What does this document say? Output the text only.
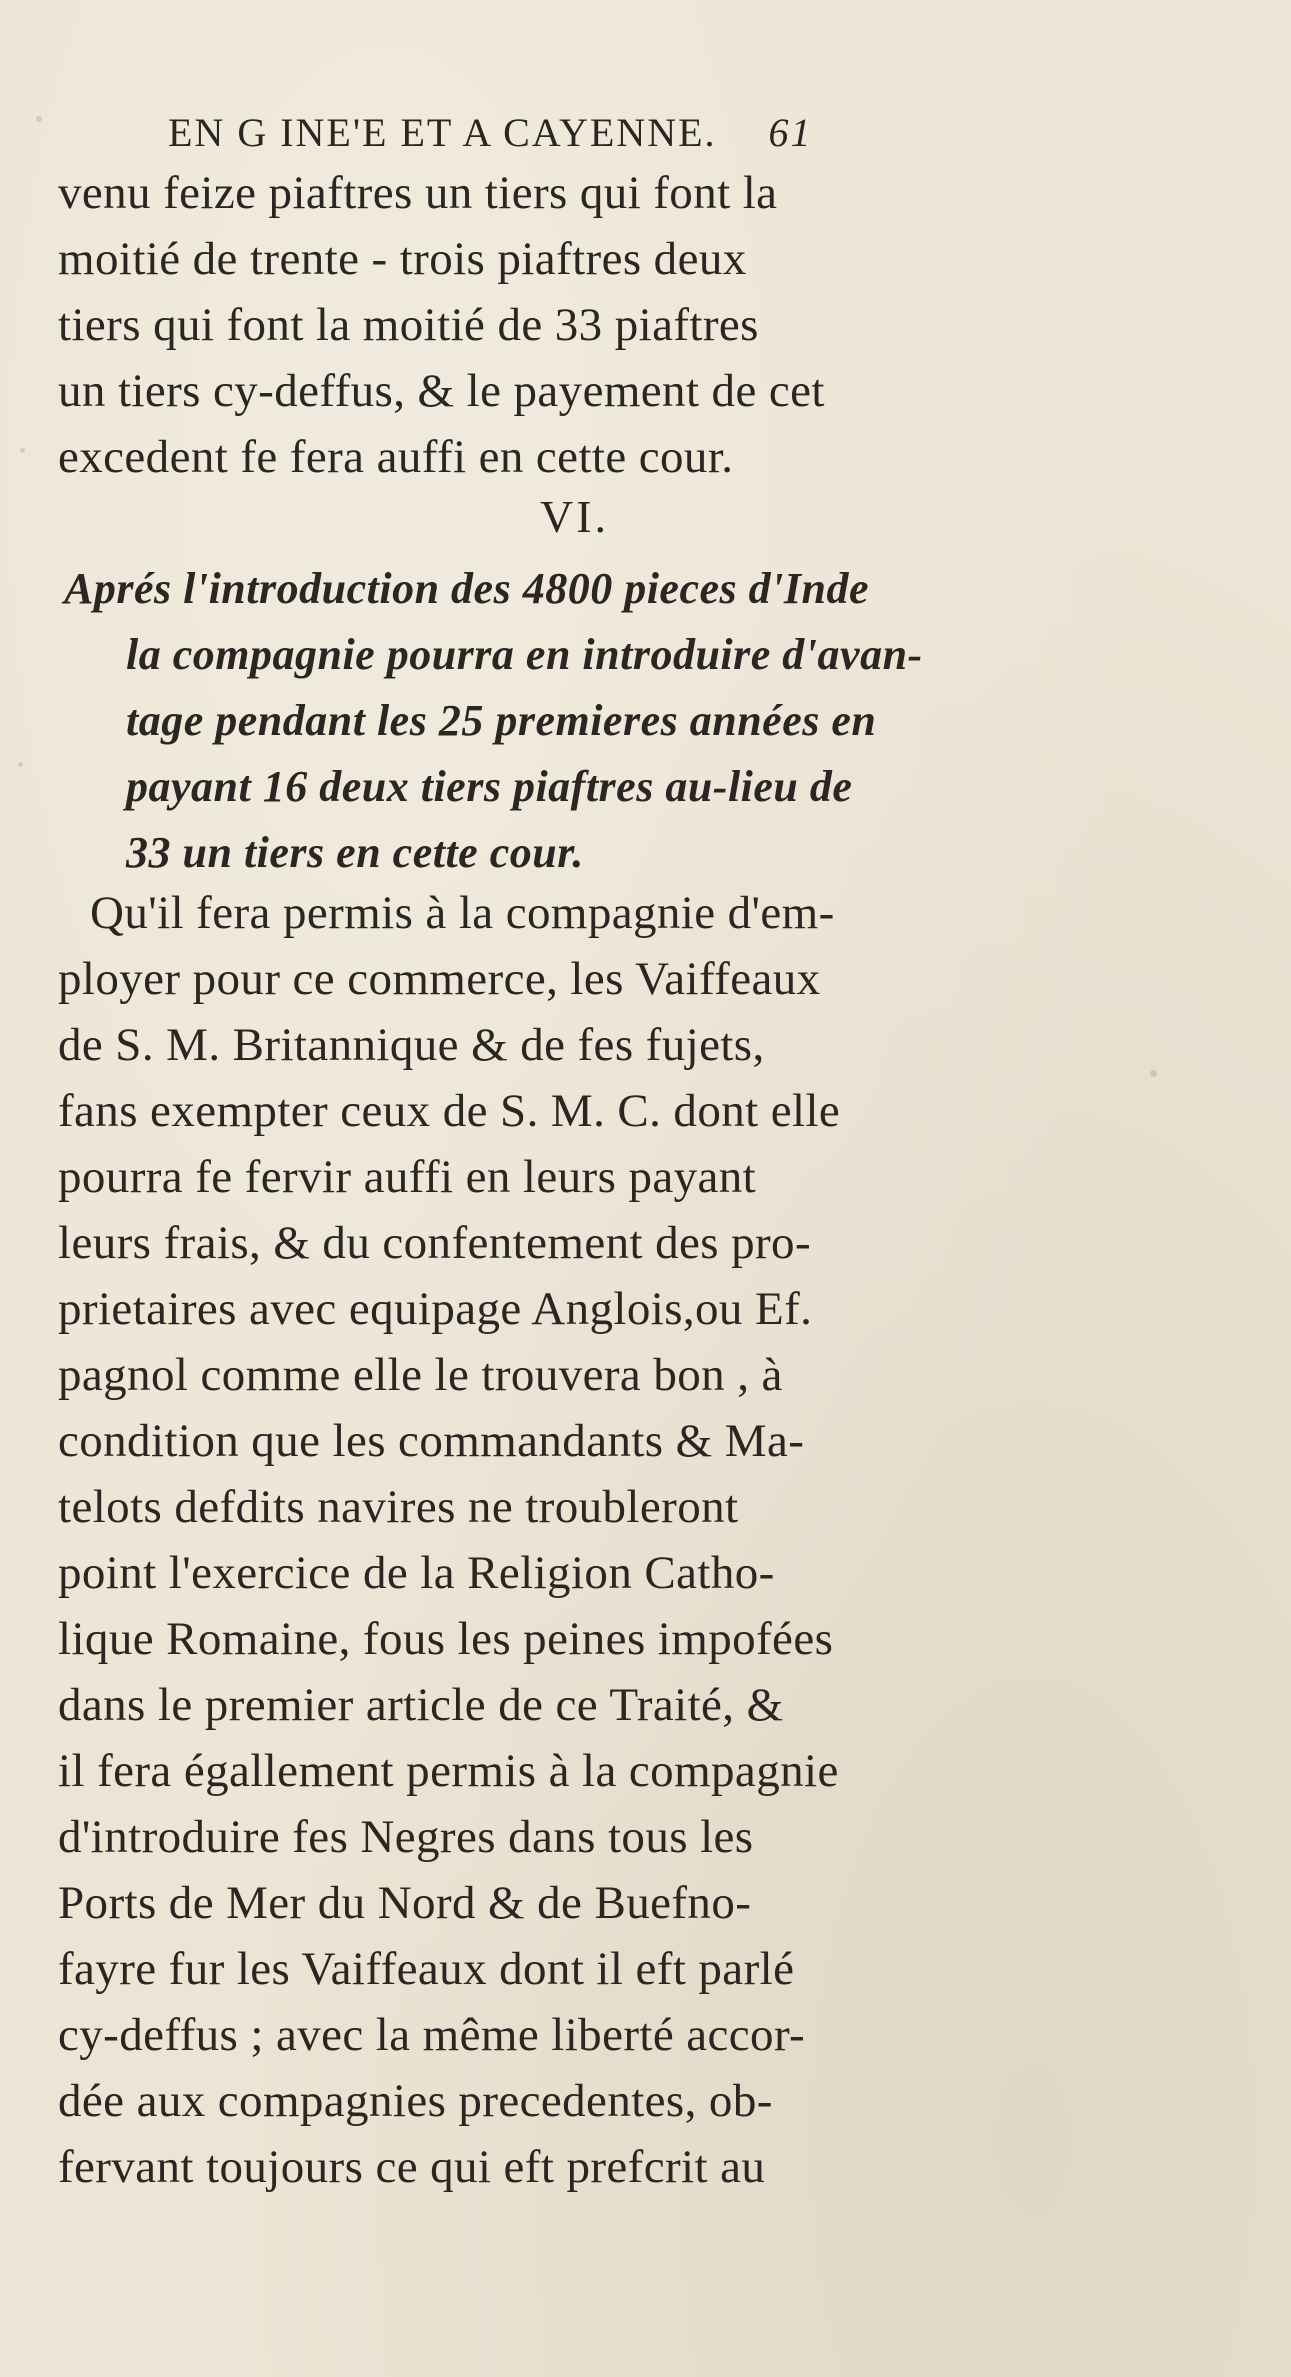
EN G INE'E ET A CAYENNE. 61
venu feize piaftres un tiers qui font la
moitié de trente - trois piaftres deux
tiers qui font la moitié de 33 piaftres
un tiers cy-deffus, & le payement de cet
excedent fe fera auffi en cette cour.
VI.
Aprés l'introduction des 4800 pieces d'Inde
la compagnie pourra en introduire d'avan-
tage pendant les 25 premieres années en
payant 16 deux tiers piaftres au-lieu de
33 un tiers en cette cour.
Qu'il fera permis à la compagnie d'em-
ployer pour ce commerce, les Vaiffeaux
de S. M. Britannique & de fes fujets,
fans exempter ceux de S. M. C. dont elle
pourra fe fervir auffi en leurs payant
leurs frais, & du confentement des pro-
prietaires avec equipage Anglois,ou Ef.
pagnol comme elle le trouvera bon , à
condition que les commandants & Ma-
telots defdits navires ne troubleront
point l'exercice de la Religion Catho-
lique Romaine, fous les peines impofées
dans le premier article de ce Traité, &
il fera égallement permis à la compagnie
d'introduire fes Negres dans tous les
Ports de Mer du Nord & de Buefno-
fayre fur les Vaiffeaux dont il eft parlé
cy-deffus ; avec la même liberté accor-
dée aux compagnies precedentes, ob-
fervant toujours ce qui eft prefcrit au
